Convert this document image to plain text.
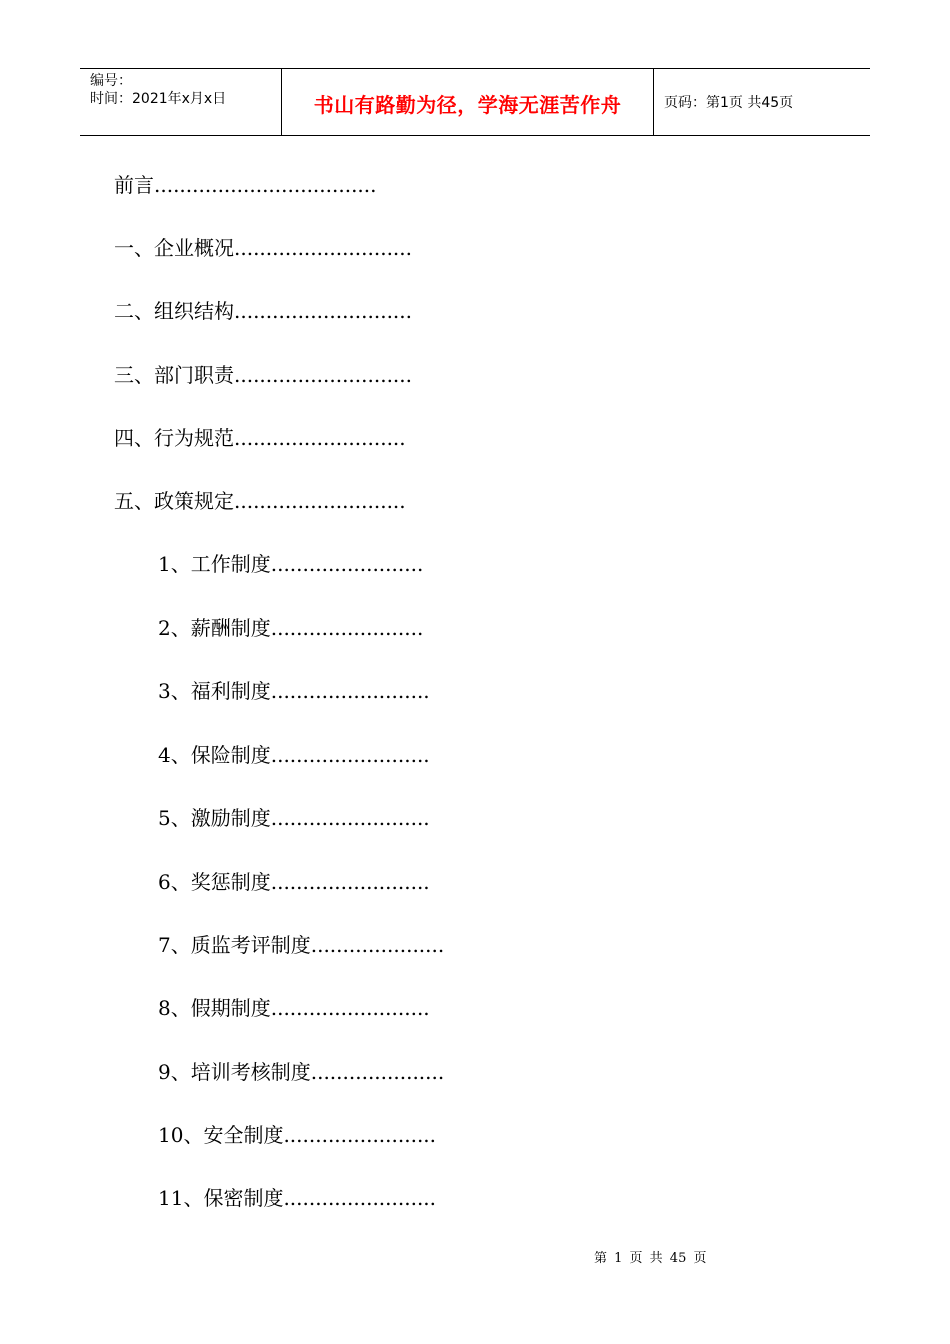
编号：
时间：2021年x月x日	书山有路勤为径，学海无涯苦作舟	页码：第1页 共45页
前言...................................
一、企业概况............................
二、组织结构............................
三、部门职责............................
四、行为规范...........................
五、政策规定...........................
1、工作制度........................
2、薪酬制度........................
3、福利制度.........................
4、保险制度.........................
5、激励制度.........................
6、奖惩制度.........................
7、质监考评制度.....................
8、假期制度.........................
9、培训考核制度.....................
10、安全制度........................
11、保密制度........................
第 1 页 共 45 页
